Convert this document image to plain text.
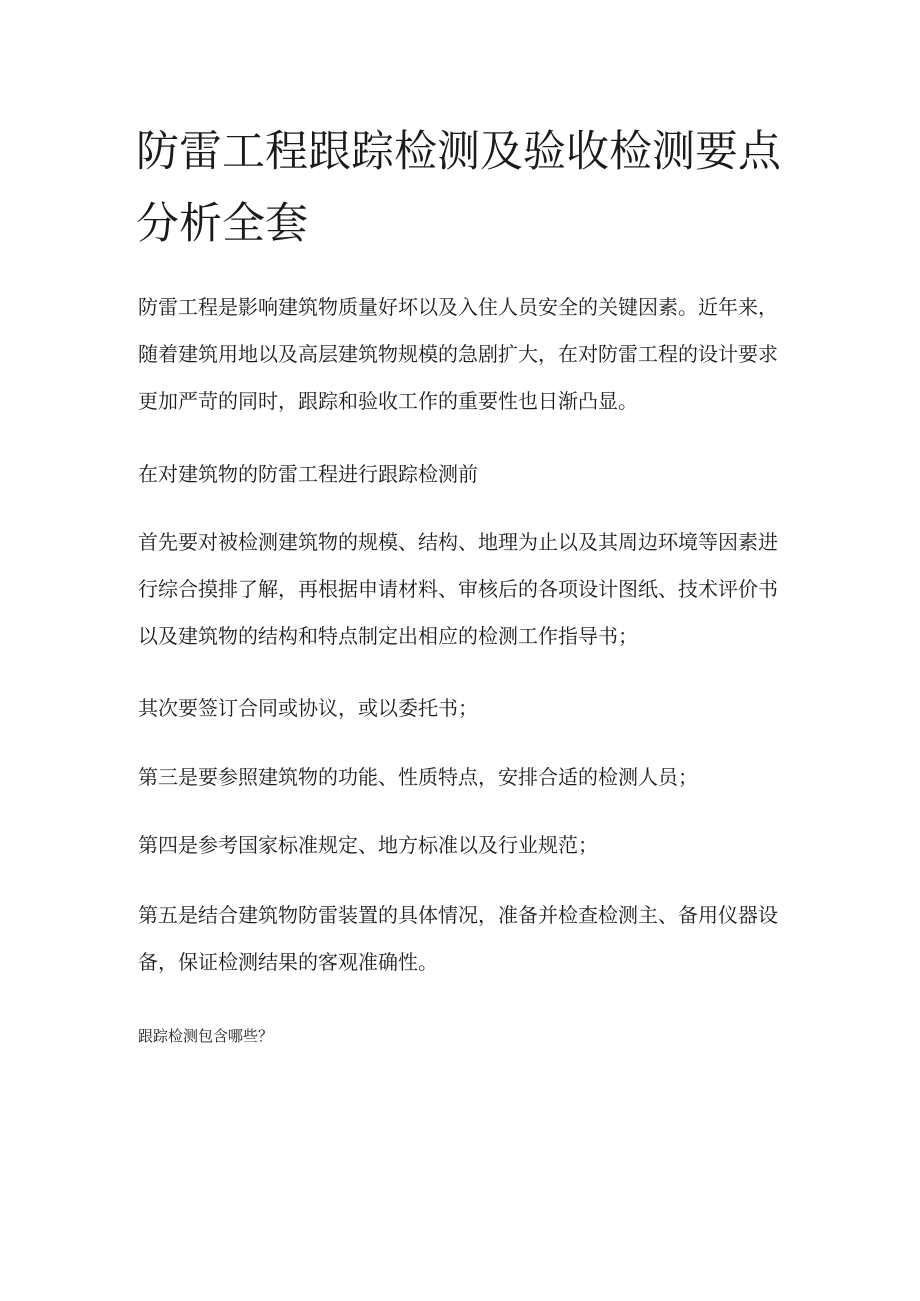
防雷工程跟踪检测及验收检测要点
分析全套

防雷工程是影响建筑物质量好坏以及入住人员安全的关键因素。近年来，随着建筑用地以及高层建筑物规模的急剧扩大，在对防雷工程的设计要求更加严苛的同时，跟踪和验收工作的重要性也日渐凸显。

在对建筑物的防雷工程进行跟踪检测前

首先要对被检测建筑物的规模、结构、地理为止以及其周边环境等因素进行综合摸排了解，再根据申请材料、审核后的各项设计图纸、技术评价书以及建筑物的结构和特点制定出相应的检测工作指导书；

其次要签订合同或协议，或以委托书；

第三是要参照建筑物的功能、性质特点，安排合适的检测人员；

第四是参考国家标准规定、地方标准以及行业规范；

第五是结合建筑物防雷装置的具体情况，准备并检查检测主、备用仪器设备，保证检测结果的客观准确性。

跟踪检测包含哪些？
